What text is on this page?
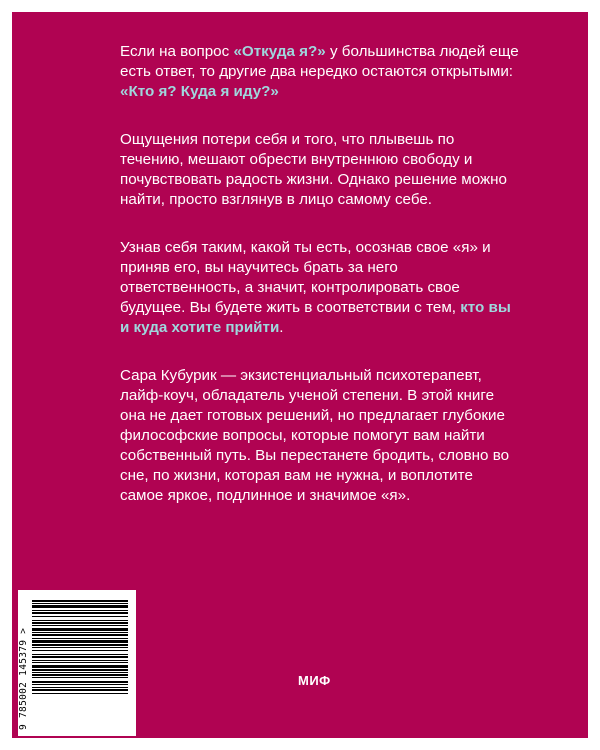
Если на вопрос «Откуда я?» у большинства людей еще есть ответ, то другие два нередко остаются открытыми: «Кто я? Куда я иду?»

Ощущения потери себя и того, что плывешь по течению, мешают обрести внутреннюю свободу и почувствовать радость жизни. Однако решение можно найти, просто взглянув в лицо самому себе.

Узнав себя таким, какой ты есть, осознав свое «я» и приняв его, вы научитесь брать за него ответственность, а значит, контролировать свое будущее. Вы будете жить в соответствии с тем, кто вы и куда хотите прийти.

Сара Кубурик — экзистенциальный психотерапевт, лайф-коуч, обладатель ученой степени. В этой книге она не дает готовых решений, но предлагает глубокие философские вопросы, которые помогут вам найти собственный путь. Вы перестанете бродить, словно во сне, по жизни, которая вам не нужна, и воплотите самое яркое, подлинное и значимое «я».

9 785002 145379 >	МИФ
